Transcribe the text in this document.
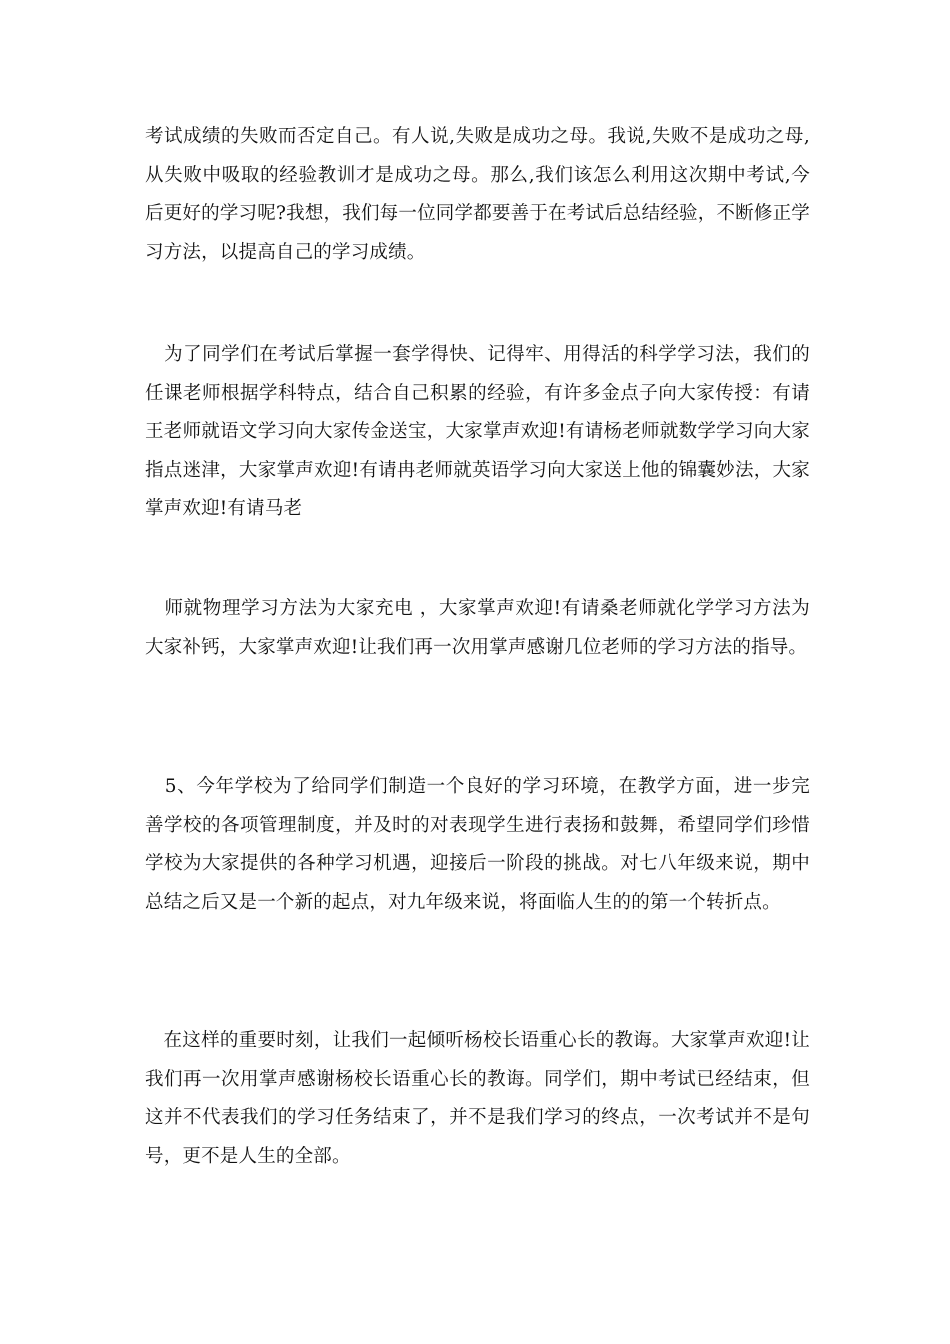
考试成绩的失败而否定自己。有人说,失败是成功之母。我说,失败不是成功之母,从失败中吸取的经验教训才是成功之母。那么,我们该怎么利用这次期中考试,今后更好的学习呢?我想，我们每一位同学都要善于在考试后总结经验，不断修正学习方法，以提高自己的学习成绩。

为了同学们在考试后掌握一套学得快、记得牢、用得活的科学学习法，我们的任课老师根据学科特点，结合自己积累的经验，有许多金点子向大家传授：有请王老师就语文学习向大家传金送宝，大家掌声欢迎!有请杨老师就数学学习向大家指点迷津，大家掌声欢迎!有请冉老师就英语学习向大家送上他的锦囊妙法，大家掌声欢迎!有请马老

师就物理学习方法为大家充电 ，大家掌声欢迎!有请桑老师就化学学习方法为大家补钙，大家掌声欢迎!让我们再一次用掌声感谢几位老师的学习方法的指导。

5、今年学校为了给同学们制造一个良好的学习环境，在教学方面，进一步完善学校的各项管理制度，并及时的对表现学生进行表扬和鼓舞，希望同学们珍惜学校为大家提供的各种学习机遇，迎接后一阶段的挑战。对七八年级来说，期中总结之后又是一个新的起点，对九年级来说，将面临人生的的第一个转折点。

在这样的重要时刻，让我们一起倾听杨校长语重心长的教诲。大家掌声欢迎!让我们再一次用掌声感谢杨校长语重心长的教诲。同学们，期中考试已经结束，但这并不代表我们的学习任务结束了，并不是我们学习的终点，一次考试并不是句号，更不是人生的全部。
